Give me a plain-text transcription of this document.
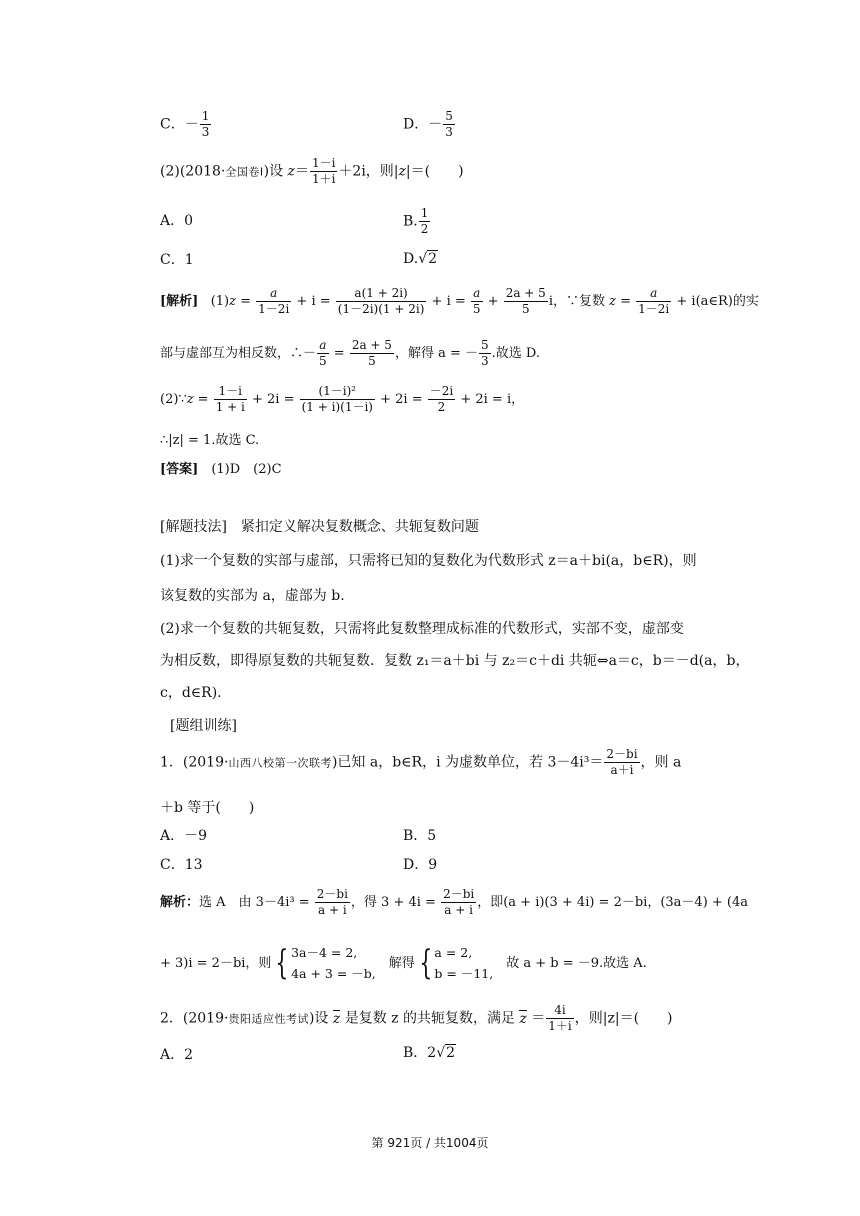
C．－ $\frac{1}{3}$	D．－ $\frac{5}{3}$
(2)(2018·全国卷Ⅰ)设 $z= \frac{1-i}{1+i} +2i$，则|z|＝(　　)
A．0	B. $\frac{1}{2}$
C．1	D.√2
[解析] $(1)z = \frac{a}{1-2i} + i = \frac{a(1 + 2i)}{(1-2i)(1 + 2i)} + i = \frac{a}{5} + \frac{2a + 5}{5}$ i，∵复数 $z = \frac{a}{1-2i}$ + i(a∈R)的实
部与虚部互为相反数，∴－ $\frac{a}{5} = \frac{2a + 5}{5}$ ，解得 a = － $\frac{5}{3}$ .故选 D.
(2)∵z = $\frac{1-i}{1 + i} + 2i = \frac{\text{(1－i)²}}{(1 + i)(1-i)} + 2i = \frac{-2i}{2} + 2i = i$，
∴|z| = 1.故选 C.
[答案]　(1)D　(2)C
[解题技法]　紧扣定义解决复数概念、共轭复数问题
(1)求一个复数的实部与虚部，只需将已知的复数化为代数形式 z＝a＋bi(a，b∈R)，则
该复数的实部为 a，虚部为 b.
(2)求一个复数的共轭复数，只需将此复数整理成标准的代数形式，实部不变，虚部变
为相反数，即得原复数的共轭复数．复数 z₁＝a＋bi 与 z₂＝c＋di 共轭⇔a＝c，b＝－d(a，b，
c，d∈R).
[题组训练]
1．(2019·山西八校第一次联考)已知 a，b∈R，i 为虚数单位，若 $3-4i^3= \frac{2-bi}{a+i}$ ，则 a
＋b 等于(　　)
A．－9	B．5
C．13	D．9
解析：选 A　由 $3-4i^3 = \frac{2-bi}{a + i}$ ，得 $3 + 4i = \frac{2-bi}{a + i}$ ，即(a + i)(3 + 4i) = 2－bi，(3a－4) + (4a
+ 3)i = 2－bi，则 { 3a－4 = 2,
4a + 3 = －b,
　解得 { a = 2,
b = －11,
　故 a + b = －9.故选 A.
2．(2019·贵阳适应性考试)设 z 是复数 z 的共轭复数，满足 $z = \frac{4i}{1+i}$ ，则|z|＝(　　)
A．2	B．2√2
第 921页 / 共1004页
